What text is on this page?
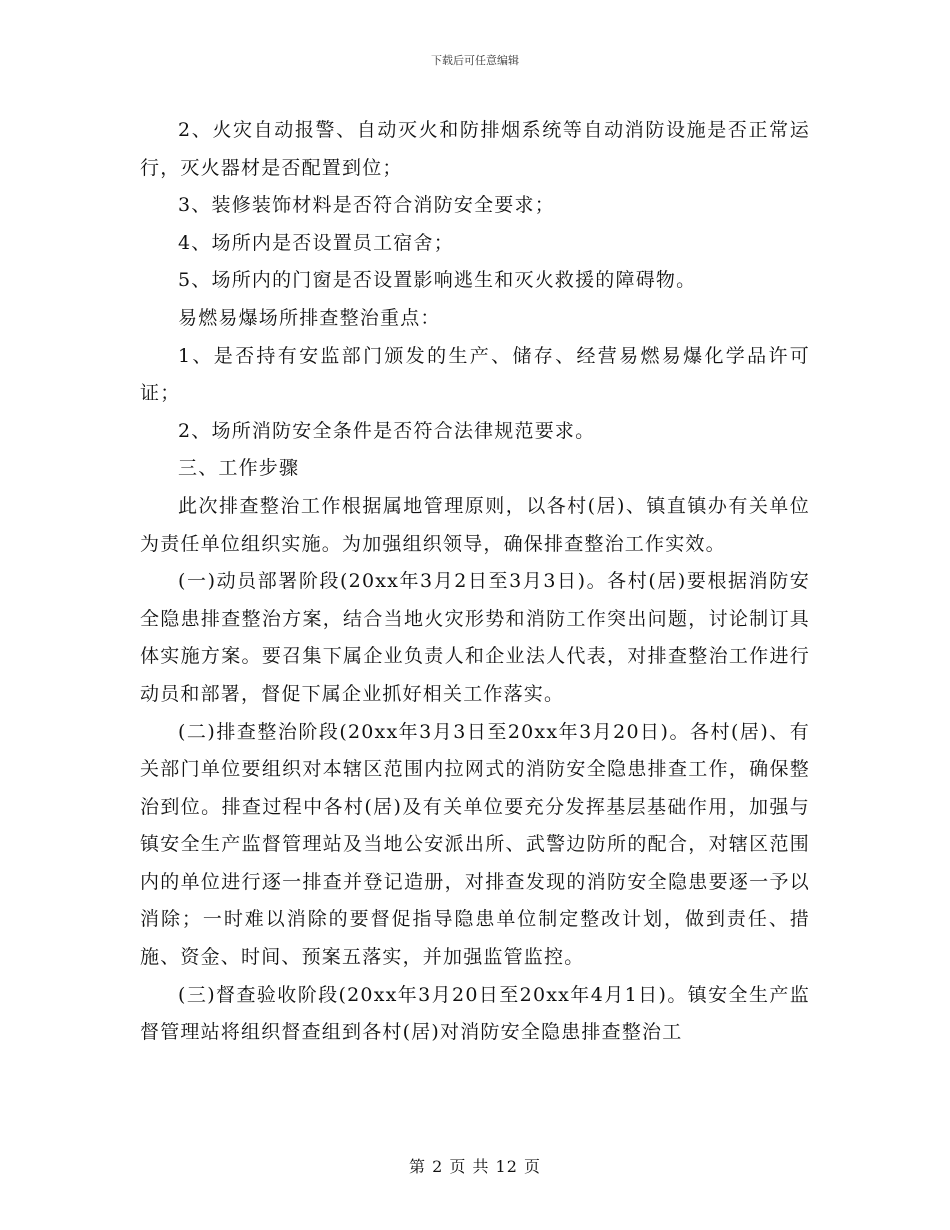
下载后可任意编辑

2、火灾自动报警、自动灭火和防排烟系统等自动消防设施是否正常运行，灭火器材是否配置到位；

3、装修装饰材料是否符合消防安全要求；

4、场所内是否设置员工宿舍；

5、场所内的门窗是否设置影响逃生和灭火救援的障碍物。

易燃易爆场所排查整治重点：

1、是否持有安监部门颁发的生产、储存、经营易燃易爆化学品许可证；

2、场所消防安全条件是否符合法律规范要求。

三、工作步骤

此次排查整治工作根据属地管理原则，以各村(居)、镇直镇办有关单位为责任单位组织实施。为加强组织领导，确保排查整治工作实效。

(一)动员部署阶段(20xx年3月2日至3月3日)。各村(居)要根据消防安全隐患排查整治方案，结合当地火灾形势和消防工作突出问题，讨论制订具体实施方案。要召集下属企业负责人和企业法人代表，对排查整治工作进行动员和部署，督促下属企业抓好相关工作落实。

(二)排查整治阶段(20xx年3月3日至20xx年3月20日)。各村(居)、有关部门单位要组织对本辖区范围内拉网式的消防安全隐患排查工作，确保整治到位。排查过程中各村(居)及有关单位要充分发挥基层基础作用，加强与镇安全生产监督管理站及当地公安派出所、武警边防所的配合，对辖区范围内的单位进行逐一排查并登记造册，对排查发现的消防安全隐患要逐一予以消除；一时难以消除的要督促指导隐患单位制定整改计划，做到责任、措施、资金、时间、预案五落实，并加强监管监控。

(三)督查验收阶段(20xx年3月20日至20xx年4月1日)。镇安全生产监督管理站将组织督查组到各村(居)对消防安全隐患排查整治工

第 2 页 共 12 页
